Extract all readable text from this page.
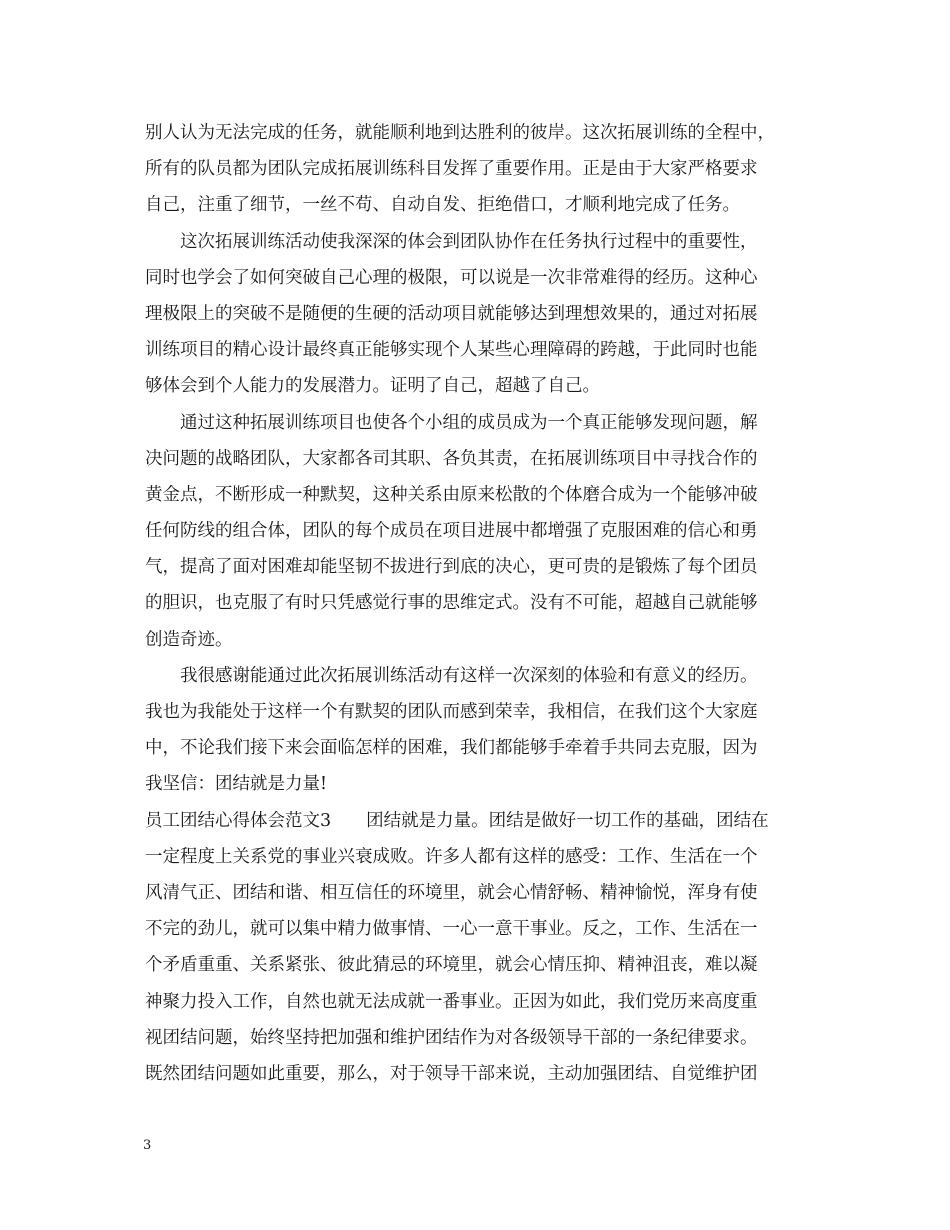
别人认为无法完成的任务，就能顺利地到达胜利的彼岸。这次拓展训练的全程中，
所有的队员都为团队完成拓展训练科目发挥了重要作用。正是由于大家严格要求
自己，注重了细节，一丝不苟、自动自发、拒绝借口，才顺利地完成了任务。
这次拓展训练活动使我深深的体会到团队协作在任务执行过程中的重要性，
同时也学会了如何突破自己心理的极限，可以说是一次非常难得的经历。这种心
理极限上的突破不是随便的生硬的活动项目就能够达到理想效果的，通过对拓展
训练项目的精心设计最终真正能够实现个人某些心理障碍的跨越，于此同时也能
够体会到个人能力的发展潜力。证明了自己，超越了自己。
通过这种拓展训练项目也使各个小组的成员成为一个真正能够发现问题，解
决问题的战略团队，大家都各司其职、各负其责，在拓展训练项目中寻找合作的
黄金点，不断形成一种默契，这种关系由原来松散的个体磨合成为一个能够冲破
任何防线的组合体，团队的每个成员在项目进展中都增强了克服困难的信心和勇
气，提高了面对困难却能坚韧不拔进行到底的决心，更可贵的是锻炼了每个团员
的胆识，也克服了有时只凭感觉行事的思维定式。没有不可能，超越自己就能够
创造奇迹。
我很感谢能通过此次拓展训练活动有这样一次深刻的体验和有意义的经历。
我也为我能处于这样一个有默契的团队而感到荣幸，我相信，在我们这个大家庭
中，不论我们接下来会面临怎样的困难，我们都能够手牵着手共同去克服，因为
我坚信：团结就是力量!
员工团结心得体会范文3　　团结就是力量。团结是做好一切工作的基础，团结在
一定程度上关系党的事业兴衰成败。许多人都有这样的感受：工作、生活在一个
风清气正、团结和谐、相互信任的环境里，就会心情舒畅、精神愉悦，浑身有使
不完的劲儿，就可以集中精力做事情、一心一意干事业。反之，工作、生活在一
个矛盾重重、关系紧张、彼此猜忌的环境里，就会心情压抑、精神沮丧，难以凝
神聚力投入工作，自然也就无法成就一番事业。正因为如此，我们党历来高度重
视团结问题，始终坚持把加强和维护团结作为对各级领导干部的一条纪律要求。
既然团结问题如此重要，那么，对于领导干部来说，主动加强团结、自觉维护团
3
